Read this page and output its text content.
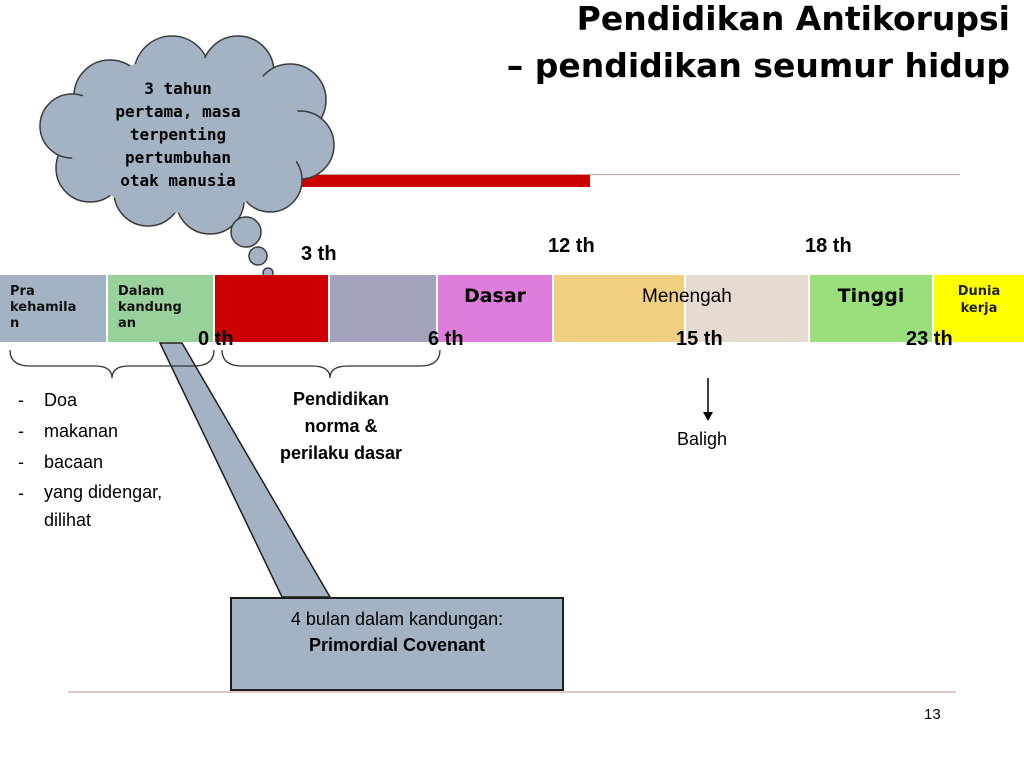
Pendidikan Antikorupsi
– pendidikan seumur hidup
3 tahun
pertama, masa
terpenting
pertumbuhan
otak manusia
Pra
kehamila
n
Dalam
kandung
an
Dasar	Menengah	Tinggi	Dunia
kerja
3 th	12 th	18 th
0 th	6 th	15 th	23 th
-	Doa
-	makanan
-	bacaan
-	yang didengar,
dilihat
Pendidikan
norma &
perilaku dasar
Baligh
4 bulan dalam kandungan:
Primordial Covenant
13
